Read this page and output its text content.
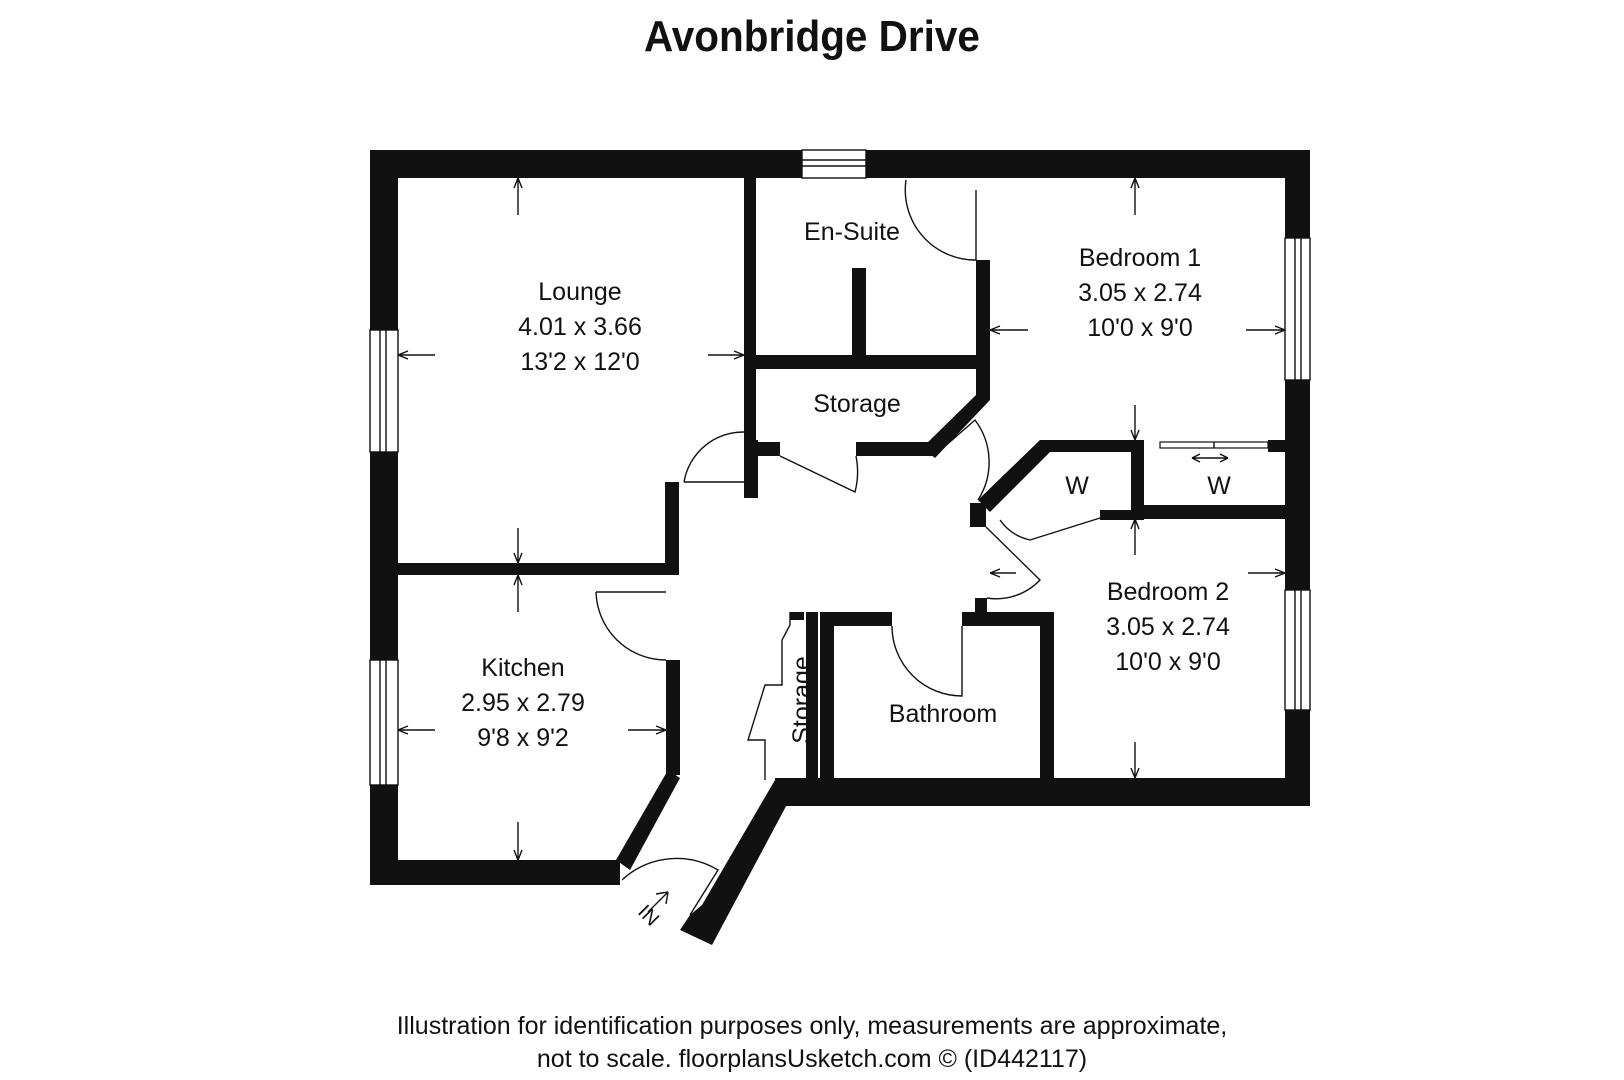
Avonbridge Drive
Lounge
4.01 x 3.66
13'2 x 12'0
Kitchen
2.95 x 2.79
9'8 x 9'2
Bedroom 1
3.05 x 2.74
10'0 x 9'0
Bedroom 2
3.05 x 2.74
10'0 x 9'0
En-Suite
Storage
Bathroom
W	W
Storage
IN
Illustration for identification purposes only, measurements are approximate,
not to scale. floorplansUsketch.com © (ID442117)
